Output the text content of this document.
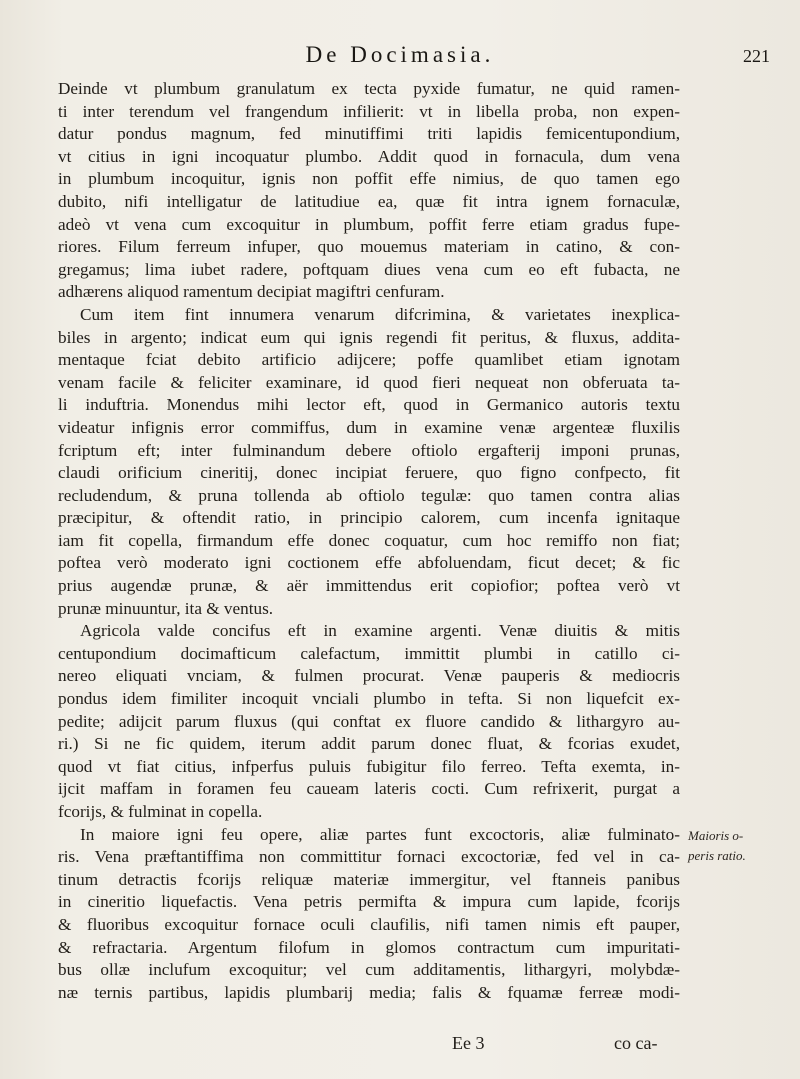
De Docimasia.	221
Deinde vt plumbum granulatum ex tecta pyxide fumatur, ne quid ramen-
ti inter terendum vel frangendum infilierit: vt in libella proba, non expen-
datur pondus magnum, fed minutiffimi triti lapidis femicentupondium,
vt citius in igni incoquatur plumbo. Addit quod in fornacula, dum vena
in plumbum incoquitur, ignis non poffit effe nimius, de quo tamen ego
dubito, nifi intelligatur de latitudiue ea, quæ fit intra ignem fornaculæ,
adeò vt vena cum excoquitur in plumbum, poffit ferre etiam gradus fupe-
riores. Filum ferreum infuper, quo mouemus materiam in catino, & con-
gregamus; lima iubet radere, poftquam diues vena cum eo eft fubacta, ne
adhærens aliquod ramentum decipiat magiftri cenfuram.
Cum item fint innumera venarum difcrimina, & varietates inexplica-
biles in argento; indicat eum qui ignis regendi fit peritus, & fluxus, addita-
mentaque fciat debito artificio adijcere; poffe quamlibet etiam ignotam
venam facile & feliciter examinare, id quod fieri nequeat non obferuata ta-
li induftria. Monendus mihi lector eft, quod in Germanico autoris textu
videatur infignis error commiffus, dum in examine venæ argenteæ fluxilis
fcriptum eft; inter fulminandum debere oftiolo ergafterij imponi prunas,
claudi orificium cineritij, donec incipiat feruere, quo figno confpecto, fit
recludendum, & pruna tollenda ab oftiolo tegulæ: quo tamen contra alias
præcipitur, & oftendit ratio, in principio calorem, cum incenfa ignitaque
iam fit copella, firmandum effe donec coquatur, cum hoc remiffo non fiat;
poftea verò moderato igni coctionem effe abfoluendam, ficut decet; & fic
prius augendæ prunæ, & aër immittendus erit copiofior; poftea verò vt
prunæ minuuntur, ita & ventus.
Agricola valde concifus eft in examine argenti. Venæ diuitis & mitis
centupondium docimafticum calefactum, immittit plumbi in catillo ci-
nereo eliquati vnciam, & fulmen procurat. Venæ pauperis & mediocris
pondus idem fimiliter incoquit vnciali plumbo in tefta. Si non liquefcit ex-
pedite; adijcit parum fluxus (qui conftat ex fluore candido & lithargyro au-
ri.) Si ne fic quidem, iterum addit parum donec fluat, & fcorias exudet,
quod vt fiat citius, infperfus puluis fubigitur filo ferreo. Tefta exemta, in-
ijcit maffam in foramen feu caueam lateris cocti. Cum refrixerit, purgat a
fcorijs, & fulminat in copella.
In maiore igni feu opere, aliæ partes funt excoctoris, aliæ fulminato-
ris. Vena præftantiffima non committitur fornaci excoctoriæ, fed vel in ca-
tinum detractis fcorijs reliquæ materiæ immergitur, vel ftanneis panibus
in cineritio liquefactis. Vena petris permifta & impura cum lapide, fcorijs
& fluoribus excoquitur fornace oculi claufilis, nifi tamen nimis eft pauper,
& refractaria. Argentum filofum in glomos contractum cum impuritati-
bus ollæ inclufum excoquitur; vel cum additamentis, lithargyri, molybdæ-
næ ternis partibus, lapidis plumbarij media; falis & fquamæ ferreæ modi-
Maioris o-
peris ratio.
Ee 3	co ca-
